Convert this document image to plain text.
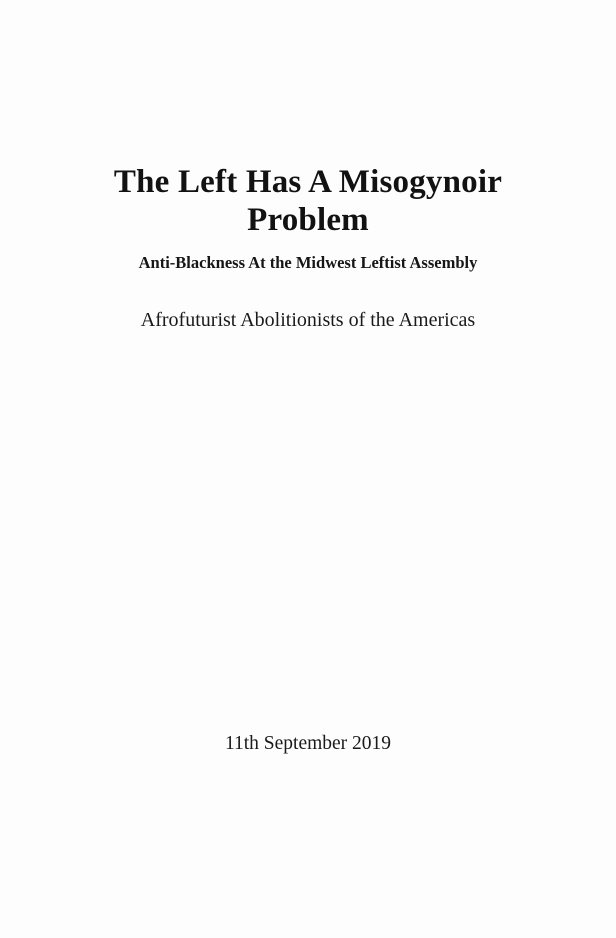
The Left Has A Misogynoir Problem
Anti-Blackness At the Midwest Leftist Assembly
Afrofuturist Abolitionists of the Americas
11th September 2019
